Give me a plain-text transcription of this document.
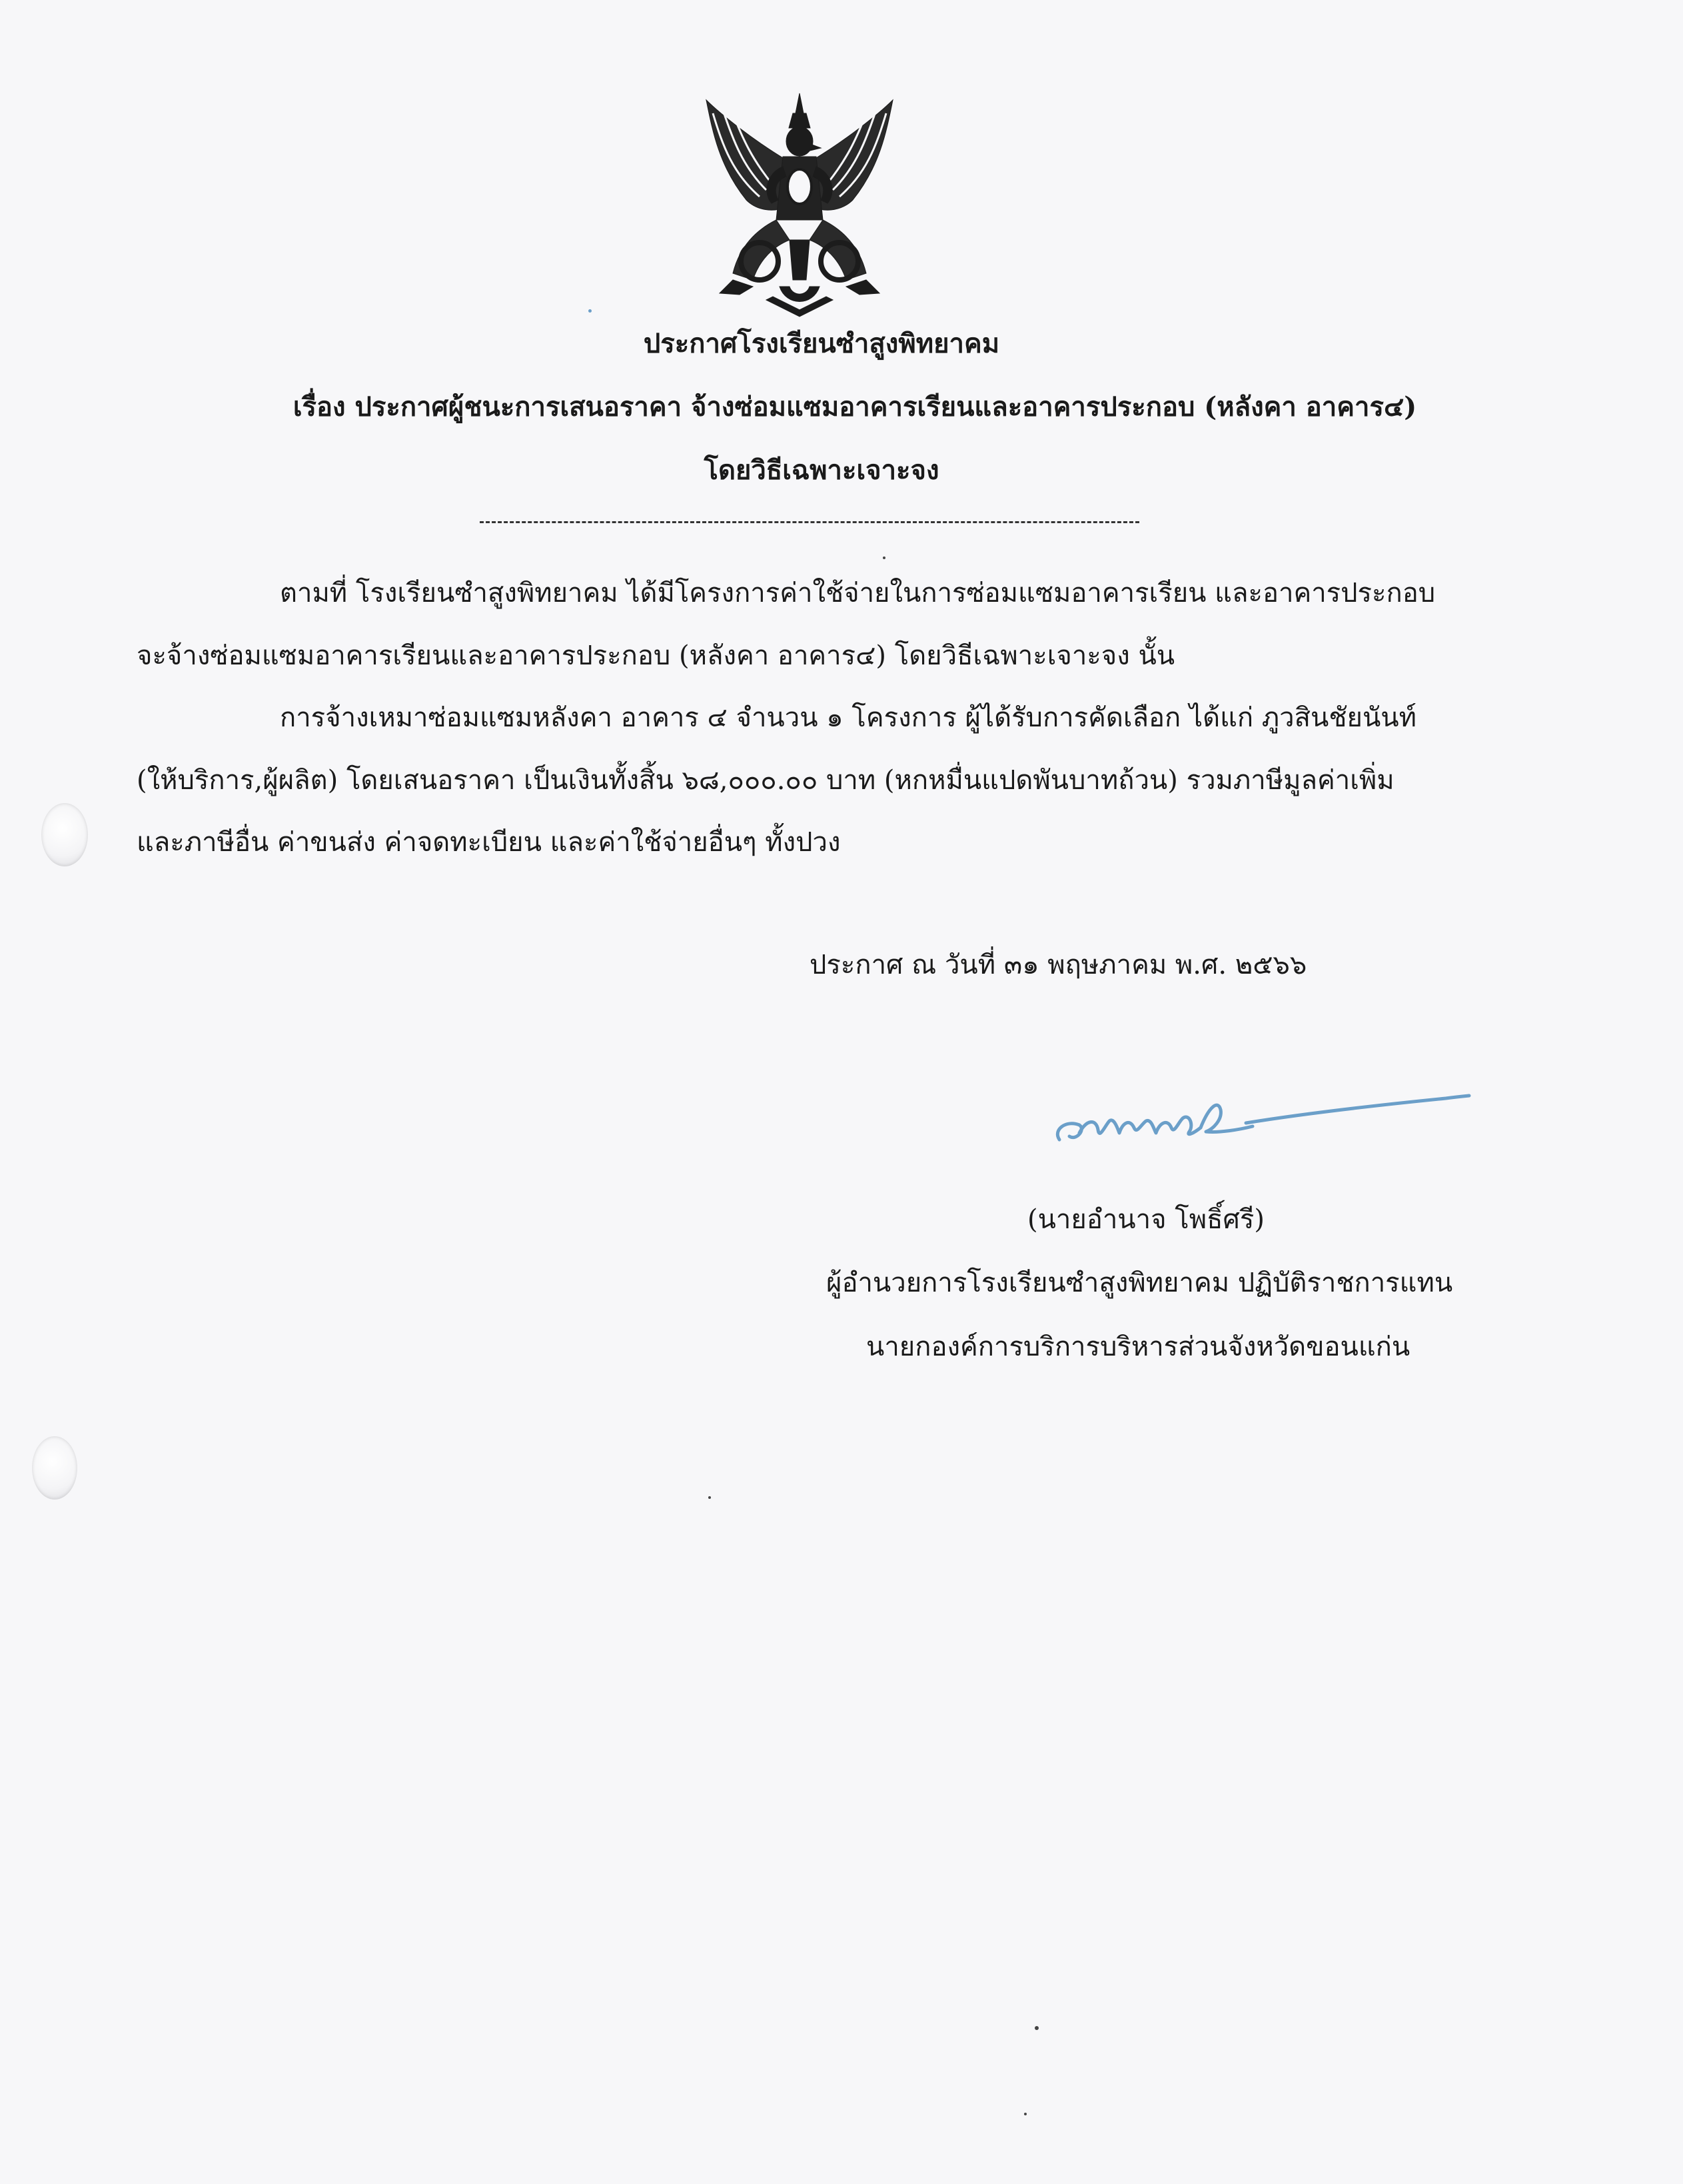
ประกาศโรงเรียนซำสูงพิทยาคม
เรื่อง ประกาศผู้ชนะการเสนอราคา จ้างซ่อมแซมอาคารเรียนและอาคารประกอบ (หลังคา อาคาร๔)
โดยวิธีเฉพาะเจาะจง
ตามที่ โรงเรียนซำสูงพิทยาคม ได้มีโครงการค่าใช้จ่ายในการซ่อมแซมอาคารเรียน และอาคารประกอบ
จะจ้างซ่อมแซมอาคารเรียนและอาคารประกอบ (หลังคา อาคาร๔) โดยวิธีเฉพาะเจาะจง นั้น
การจ้างเหมาซ่อมแซมหลังคา อาคาร ๔ จำนวน ๑ โครงการ ผู้ได้รับการคัดเลือก ได้แก่ ภูวสินชัยนันท์
(ให้บริการ,ผู้ผลิต) โดยเสนอราคา เป็นเงินทั้งสิ้น ๖๘,๐๐๐.๐๐ บาท (หกหมื่นแปดพันบาทถ้วน) รวมภาษีมูลค่าเพิ่ม
และภาษีอื่น ค่าขนส่ง ค่าจดทะเบียน และค่าใช้จ่ายอื่นๆ ทั้งปวง
ประกาศ ณ วันที่ ๓๑ พฤษภาคม พ.ศ. ๒๕๖๖
(นายอำนาจ โพธิ์ศรี)
ผู้อำนวยการโรงเรียนซำสูงพิทยาคม ปฏิบัติราชการแทน
นายกองค์การบริการบริหารส่วนจังหวัดขอนแก่น
